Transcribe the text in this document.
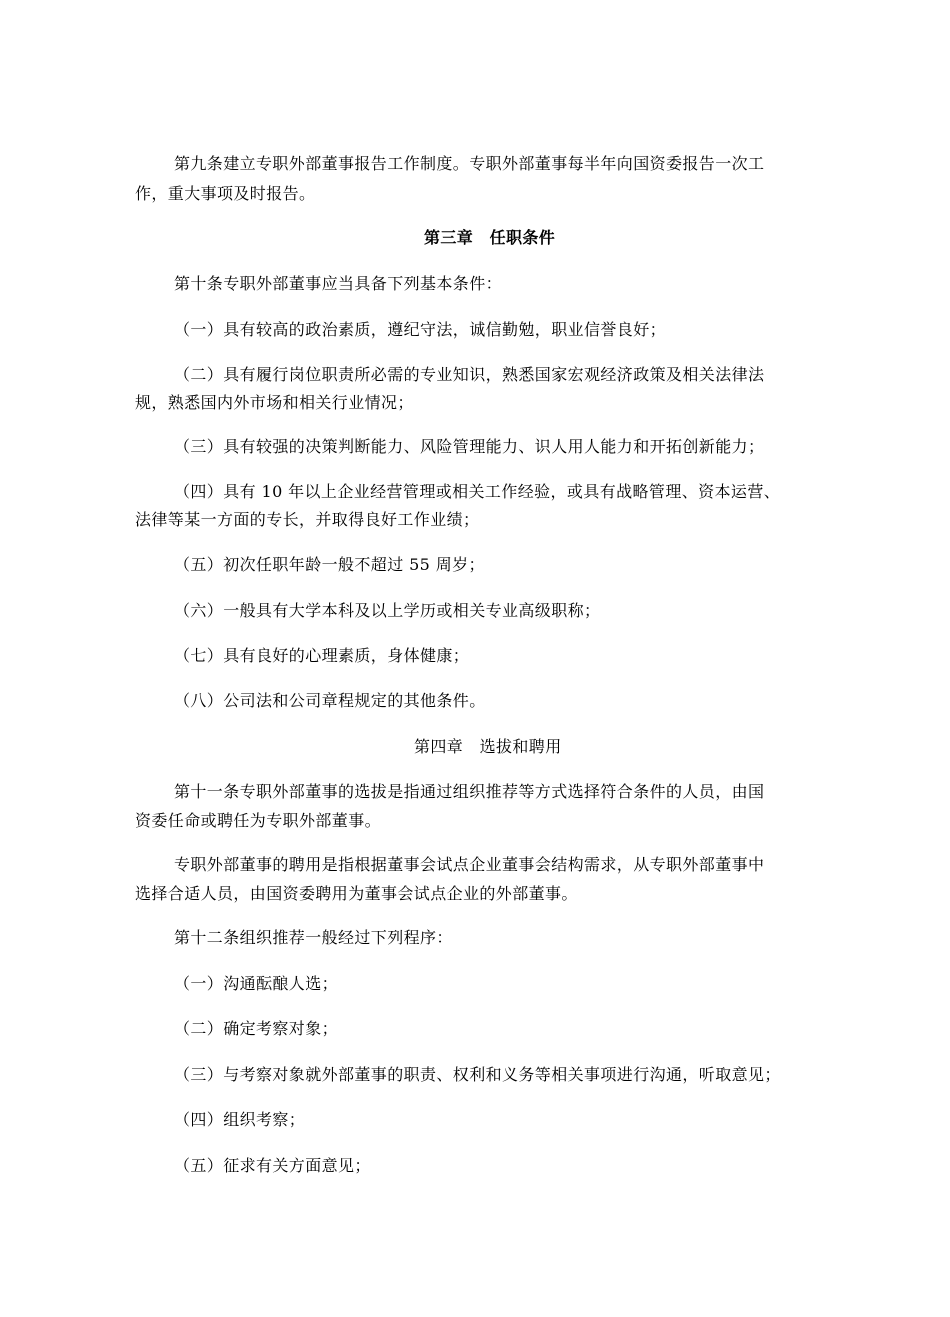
第九条建立专职外部董事报告工作制度。专职外部董事每半年向国资委报告一次工
作，重大事项及时报告。
第三章　任职条件
第十条专职外部董事应当具备下列基本条件：
（一）具有较高的政治素质，遵纪守法，诚信勤勉，职业信誉良好；
（二）具有履行岗位职责所必需的专业知识，熟悉国家宏观经济政策及相关法律法
规，熟悉国内外市场和相关行业情况；
（三）具有较强的决策判断能力、风险管理能力、识人用人能力和开拓创新能力；
（四）具有 10 年以上企业经营管理或相关工作经验，或具有战略管理、资本运营、
法律等某一方面的专长，并取得良好工作业绩；
（五）初次任职年龄一般不超过 55 周岁；
（六）一般具有大学本科及以上学历或相关专业高级职称；
（七）具有良好的心理素质，身体健康；
（八）公司法和公司章程规定的其他条件。
第四章　选拔和聘用
第十一条专职外部董事的选拔是指通过组织推荐等方式选择符合条件的人员，由国
资委任命或聘任为专职外部董事。
专职外部董事的聘用是指根据董事会试点企业董事会结构需求，从专职外部董事中
选择合适人员，由国资委聘用为董事会试点企业的外部董事。
第十二条组织推荐一般经过下列程序：
（一）沟通酝酿人选；
（二）确定考察对象；
（三）与考察对象就外部董事的职责、权利和义务等相关事项进行沟通，听取意见；
（四）组织考察；
（五）征求有关方面意见；
